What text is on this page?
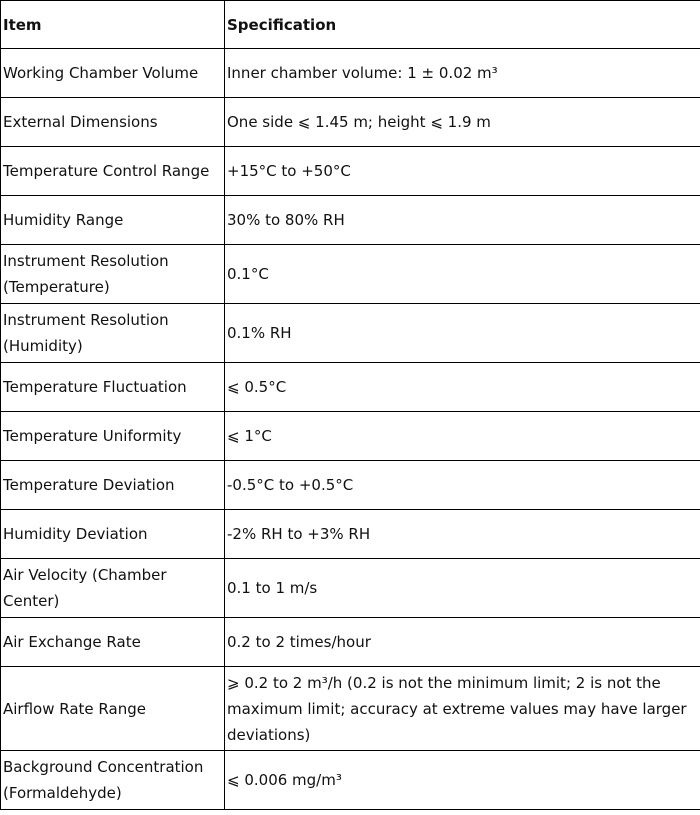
Item	Specification
Working Chamber Volume	Inner chamber volume: 1 ± 0.02 m³
External Dimensions	One side ⩽ 1.45 m; height ⩽ 1.9 m
Temperature Control Range	+15°C to +50°C
Humidity Range	30% to 80% RH
Instrument Resolution (Temperature)	0.1°C
Instrument Resolution (Humidity)	0.1% RH
Temperature Fluctuation	⩽ 0.5°C
Temperature Uniformity	⩽ 1°C
Temperature Deviation	-0.5°C to +0.5°C
Humidity Deviation	-2% RH to +3% RH
Air Velocity (Chamber Center)	0.1 to 1 m/s
Air Exchange Rate	0.2 to 2 times/hour
Airflow Rate Range	⩾ 0.2 to 2 m³/h (0.2 is not the minimum limit; 2 is not the maximum limit; accuracy at extreme values may have larger deviations)
Background Concentration (Formaldehyde)	⩽ 0.006 mg/m³
